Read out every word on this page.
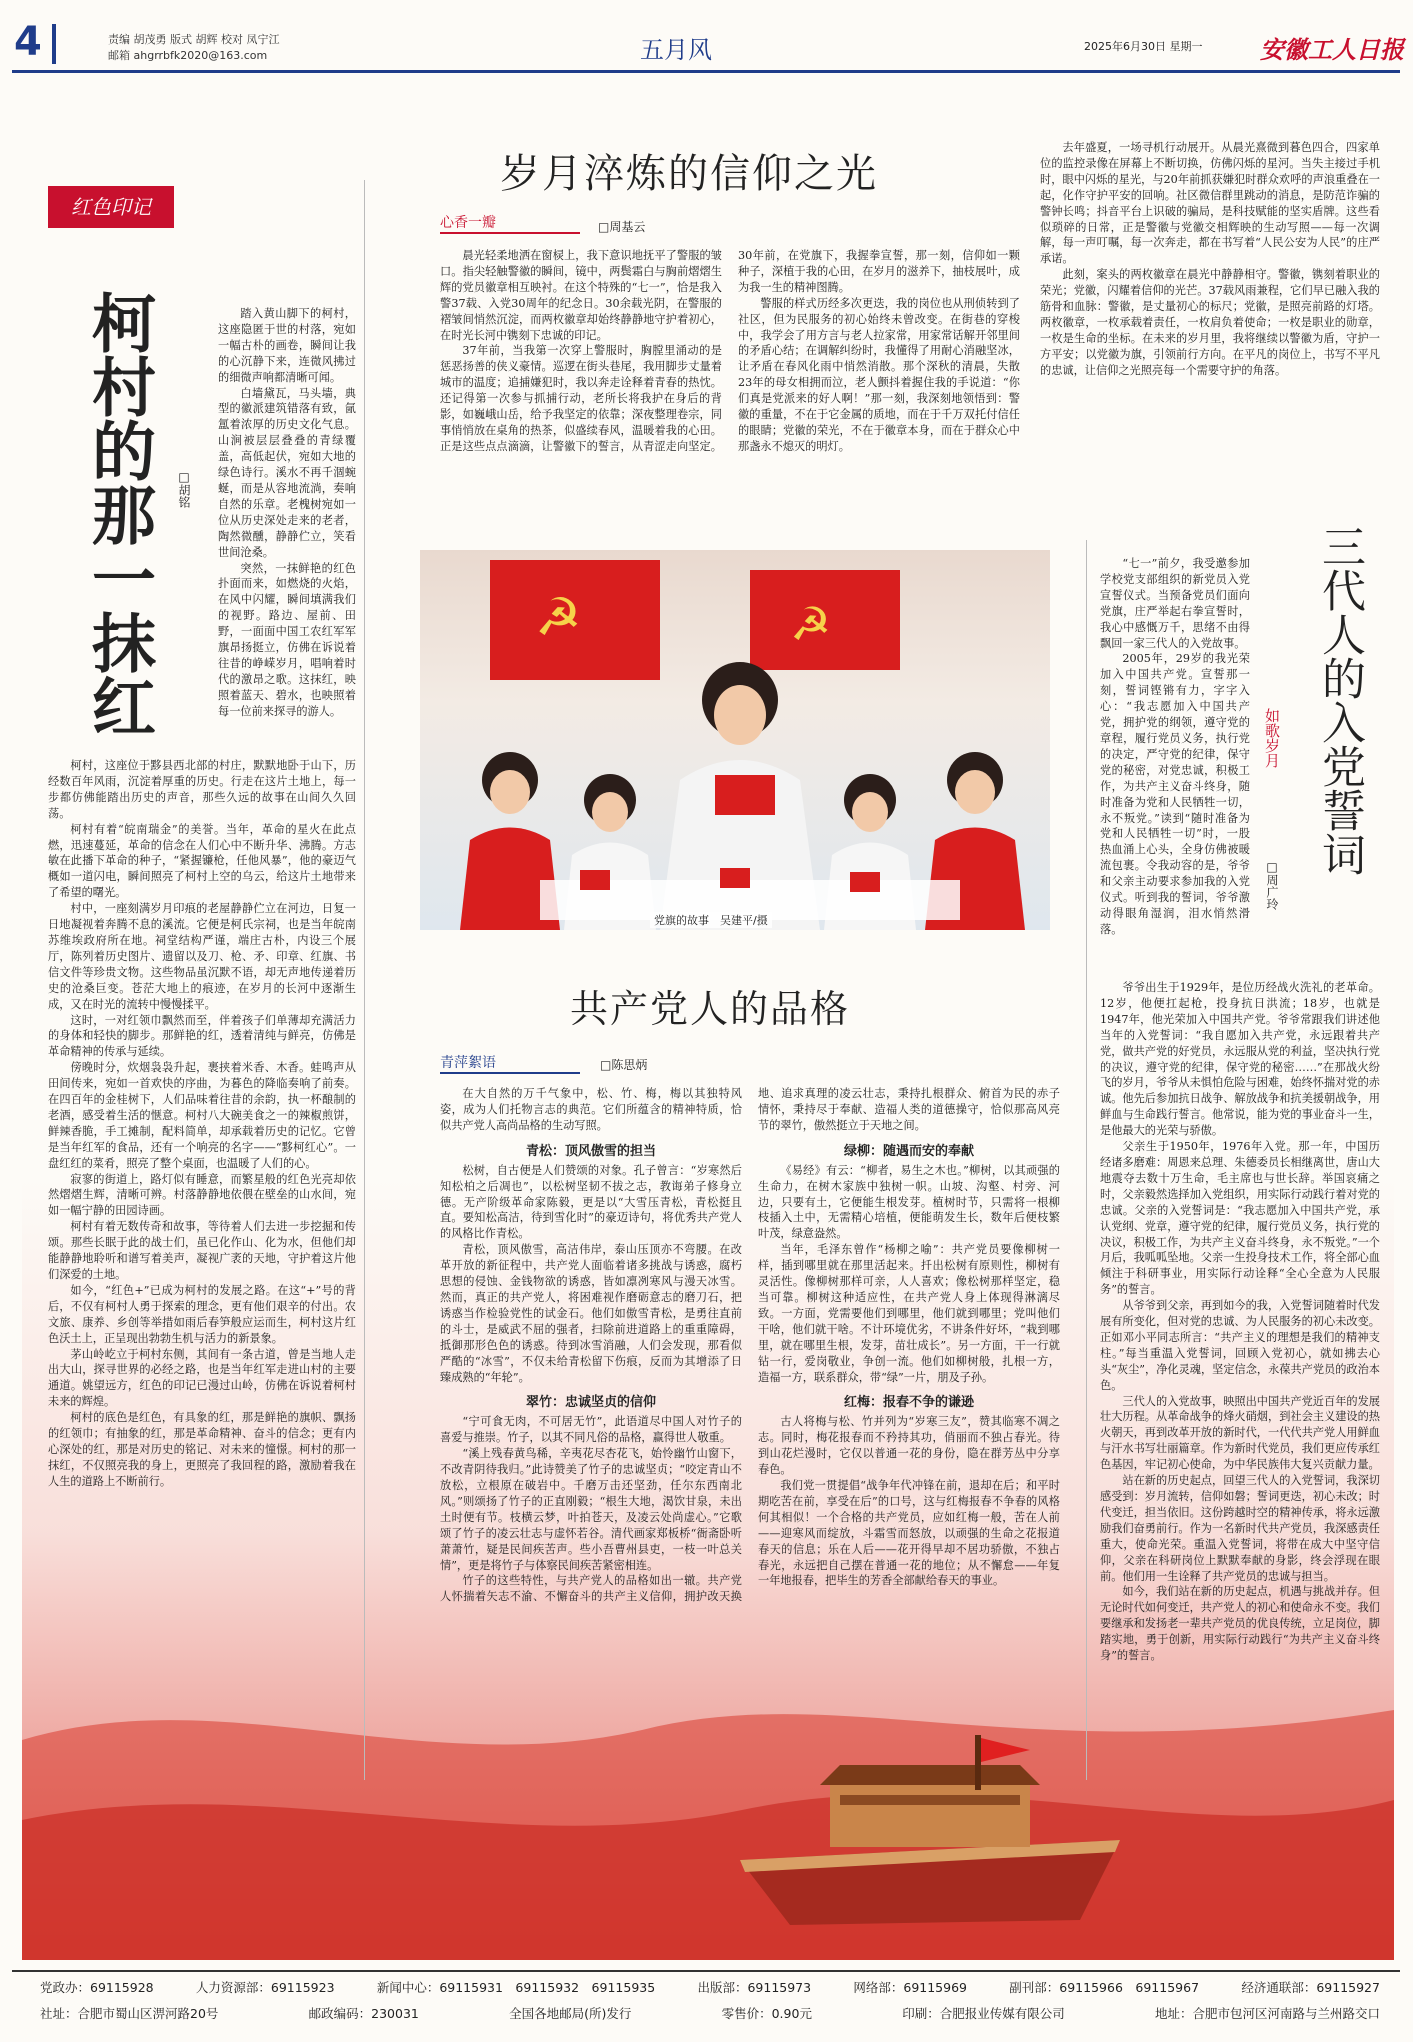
4	责编 胡茂勇 版式 胡辉 校对 凤宁江
邮箱 ahgrrbfk2020@163.com	五月风	2025年6月30日 星期一 安徽工人日报
红色印记
柯村的那一抹红 □胡铭

踏入黄山脚下的柯村，这座隐匿于世的村落，宛如一幅古朴的画卷，瞬间让我的心沉静下来，连微风拂过的细微声响都清晰可闻。

白墙黛瓦，马头墙，典型的徽派建筑错落有致，氤氲着浓厚的历史文化气息。山涧被层层叠叠的青绿覆盖，高低起伏，宛如大地的绿色诗行。溪水不再千涸蜿蜒，而是从容地流淌，奏响自然的乐章。老槐树宛如一位从历史深处走来的老者，陶然微醺，静静伫立，笑看世间沧桑。

突然，一抹鲜艳的红色扑面而来，如燃烧的火焰，在风中闪耀，瞬间填满我们的视野。路边、屋前、田野，一面面中国工农红军军旗昂扬挺立，仿佛在诉说着往昔的峥嵘岁月，唱响着时代的激昂之歌。这抹红，映照着蓝天、碧水，也映照着每一位前来探寻的游人。

柯村，这座位于黟县西北部的村庄，默默地卧于山下，历经数百年风雨，沉淀着厚重的历史。行走在这片土地上，每一步都仿佛能踏出历史的声音，那些久远的故事在山间久久回荡。

柯村有着“皖南瑞金”的美誉。当年，革命的星火在此点燃，迅速蔓延，革命的信念在人们心中不断升华、沸腾。方志敏在此播下革命的种子，“紧握镰枪，任他风暴”，他的豪迈气概如一道闪电，瞬间照亮了柯村上空的乌云，给这片土地带来了希望的曙光。

村中，一座刻满岁月印痕的老屋静静伫立在河边，日复一日地凝视着奔腾不息的溪流。它便是柯氏宗祠，也是当年皖南苏维埃政府所在地。祠堂结构严谨，端庄古朴，内设三个展厅，陈列着历史图片、遗留以及刀、枪、矛、印章、红旗、书信文件等珍贵文物。这些物品虽沉默不语，却无声地传递着历史的沧桑巨变。苍茫大地上的痕迹，在岁月的长河中逐渐生成，又在时光的流转中慢慢揉平。

这时，一对红领巾飘然而至，伴着孩子们单薄却充满活力的身体和轻快的脚步。那鲜艳的红，透着清纯与鲜亮，仿佛是革命精神的传承与延续。

傍晚时分，炊烟袅袅升起，裹挟着米香、木香。蛙鸣声从田间传来，宛如一首欢快的序曲，为暮色的降临奏响了前奏。在四百年的金桂树下，人们品味着往昔的余韵，执一杯酿制的老酒，感受着生活的惬意。柯村八大碗美食之一的辣椒煎饼，鲜辣香脆，手工摊制，配料简单，却承载着历史的记忆。它曾是当年红军的食品，还有一个响亮的名字——“黟柯红心”。一盘红红的菜肴，照亮了整个桌面，也温暖了人们的心。

寂寥的街道上，路灯似有睡意，而繁星般的红色光亮却依然熠熠生辉，清晰可辨。村落静静地依偎在壁垒的山水间，宛如一幅宁静的田园诗画。

柯村有着无数传奇和故事，等待着人们去进一步挖掘和传颂。那些长眠于此的战士们，虽已化作山、化为水，但他们却能静静地聆听和谱写着美声，凝视广袤的天地，守护着这片他们深爱的土地。

如今，“红色+”已成为柯村的发展之路。在这“+”号的背后，不仅有柯村人勇于探索的理念，更有他们艰辛的付出。农文旅、康养、乡创等举措如雨后春笋般应运而生，柯村这片红色沃土上，正呈现出勃勃生机与活力的新景象。

茅山岭屹立于柯村东侧，其间有一条古道，曾是当地人走出大山，探寻世界的必经之路，也是当年红军走进山村的主要通道。姚望远方，红色的印记已漫过山岭，仿佛在诉说着柯村未来的辉煌。

柯村的底色是红色，有具象的红，那是鲜艳的旗帜、飘扬的红领巾；有抽象的红，那是革命精神、奋斗的信念；更有内心深处的红，那是对历史的铭记、对未来的憧憬。柯村的那一抹红，不仅照亮我的身上，更照亮了我回程的路，激励着我在人生的道路上不断前行。

岁月淬炼的信仰之光
心香一瓣	□周基云

晨光轻柔地洒在窗棂上，我下意识地抚平了警服的皱口。指尖轻触警徽的瞬间，镜中，两鬓霜白与胸前熠熠生辉的党员徽章相互映衬。在这个特殊的“七一”，恰是我入警37载、入党30周年的纪念日。30余载光阴，在警服的褶皱间悄然沉淀，而两枚徽章却始终静静地守护着初心，在时光长河中镌刻下忠诚的印记。

37年前，当我第一次穿上警服时，胸膛里涌动的是惩恶扬善的侠义豪情。巡逻在街头巷尾，我用脚步丈量着城市的温度；追捕嫌犯时，我以奔走诠释着青春的热忱。还记得第一次参与抓捕行动，老所长将我护在身后的背影，如巍峨山岳，给予我坚定的依靠；深夜整理卷宗，同事悄悄放在桌角的热茶，似盛续春风，温暖着我的心田。正是这些点点滴滴，让警徽下的誓言，从青涩走向坚定。30年前，在党旗下，我握拳宣誓，那一刻，信仰如一颗种子，深植于我的心田，在岁月的滋养下，抽枝展叶，成为我一生的精神图腾。

警服的样式历经多次更迭，我的岗位也从刑侦转到了社区，但为民服务的初心始终未曾改变。在街巷的穿梭中，我学会了用方言与老人拉家常，用家常话解开邻里间的矛盾心结；在调解纠纷时，我懂得了用耐心消融坚冰，让矛盾在春风化雨中悄然消散。那个深秋的清晨，失散23年的母女相拥而泣，老人颤抖着握住我的手说道：“你们真是党派来的好人啊！”那一刻，我深刻地领悟到：警徽的重量，不在于它金属的质地，而在于千万双托付信任的眼睛；党徽的荣光，不在于徽章本身，而在于群众心中那盏永不熄灭的明灯。

去年盛夏，一场寻机行动展开。从晨光熹微到暮色四合，四家单位的监控录像在屏幕上不断切换，仿佛闪烁的星河。当失主接过手机时，眼中闪烁的星光，与20年前抓获嫌犯时群众欢呼的声浪重叠在一起，化作守护平安的回响。社区微信群里跳动的消息，是防范诈骗的警钟长鸣；抖音平台上识破的骗局，是科技赋能的坚实盾牌。这些看似琐碎的日常，正是警徽与党徽交相辉映的生动写照——每一次调解，每一声叮嘱，每一次奔走，都在书写着“人民公安为人民”的庄严承诺。

此刻，案头的两枚徽章在晨光中静静相守。警徽，镌刻着职业的荣光；党徽，闪耀着信仰的光芒。37载风雨兼程，它们早已融入我的筋骨和血脉：警徽，是丈量初心的标尺；党徽，是照亮前路的灯塔。两枚徽章，一枚承载着责任，一枚肩负着使命；一枚是职业的勋章，一枚是生命的坐标。在未来的岁月里，我将继续以警徽为盾，守护一方平安；以党徽为旗，引领前行方向。在平凡的岗位上，书写不平凡的忠诚，让信仰之光照亮每一个需要守护的角落。

☭	☭
党旗的故事　吴建平/摄
三代人的入党誓词
如歌岁月
□周广玲

“七一”前夕，我受邀参加学校党支部组织的新党员入党宣誓仪式。当预备党员们面向党旗，庄严举起右拳宣誓时，我心中感慨万千，思绪不由得飘回一家三代人的入党故事。

2005年，29岁的我光荣加入中国共产党。宣誓那一刻，誓词铿锵有力，字字入心：“我志愿加入中国共产党，拥护党的纲领，遵守党的章程，履行党员义务，执行党的决定，严守党的纪律，保守党的秘密，对党忠诚，积极工作，为共产主义奋斗终身，随时准备为党和人民牺牲一切，永不叛党。”读到“随时准备为党和人民牺牲一切”时，一股热血涌上心头，全身仿佛被暖流包裹。令我动容的是，爷爷和父亲主动要求参加我的入党仪式。听到我的誓词，爷爷激动得眼角湿润，泪水悄然滑落。

爷爷出生于1929年，是位历经战火洗礼的老革命。12岁，他便扛起枪，投身抗日洪流；18岁，也就是1947年，他光荣加入中国共产党。爷爷常跟我们讲述他当年的入党誓词：“我自愿加入共产党，永远跟着共产党，做共产党的好党员，永远服从党的利益，坚决执行党的决议，遵守党的纪律，保守党的秘密……”在那战火纷飞的岁月，爷爷从未惧怕危险与困难，始终怀揣对党的赤诚。他先后参加抗日战争、解放战争和抗美援朝战争，用鲜血与生命践行誓言。他常说，能为党的事业奋斗一生，是他最大的光荣与骄傲。

父亲生于1950年，1976年入党。那一年，中国历经诸多磨难：周恩来总理、朱德委员长相继离世，唐山大地震夺去数十万生命，毛主席也与世长辞。举国哀痛之时，父亲毅然选择加入党组织，用实际行动践行着对党的忠诚。父亲的入党誓词是：“我志愿加入中国共产党，承认党纲、党章，遵守党的纪律，履行党员义务，执行党的决议，积极工作，为共产主义奋斗终身，永不叛党。”一个月后，我呱呱坠地。父亲一生投身技术工作，将全部心血倾注于科研事业，用实际行动诠释“全心全意为人民服务”的誓言。

从爷爷到父亲，再到如今的我，入党誓词随着时代发展有所变化，但对党的忠诚、为人民服务的初心未改变。正如邓小平同志所言：“共产主义的理想是我们的精神支柱。”每当重温入党誓词，回顾入党初心，就如拂去心头“灰尘”，净化灵魂，坚定信念，永葆共产党员的政治本色。

三代人的入党故事，映照出中国共产党近百年的发展壮大历程。从革命战争的烽火硝烟，到社会主义建设的热火朝天，再到改革开放的新时代，一代代共产党人用鲜血与汗水书写壮丽篇章。作为新时代党员，我们更应传承红色基因，牢记初心使命，为中华民族伟大复兴贡献力量。

站在新的历史起点，回望三代人的入党誓词，我深切感受到：岁月流转，信仰如磐；誓词更迭，初心未改；时代变迁，担当依旧。这份跨越时空的精神传承，将永远激励我们奋勇前行。作为一名新时代共产党员，我深感责任重大，使命光荣。重温入党誓词，将带在成大中坚守信仰，父亲在科研岗位上默默奉献的身影，终会浮现在眼前。他们用一生诠释了共产党员的忠诚与担当。

如今，我们站在新的历史起点，机遇与挑战并存。但无论时代如何变迁，共产党人的初心和使命永不变。我们要继承和发扬老一辈共产党员的优良传统，立足岗位，脚踏实地，勇于创新，用实际行动践行“为共产主义奋斗终身”的誓言。

共产党人的品格
青萍絮语	□陈思炳

在大自然的万千气象中，松、竹、梅，梅以其独特风姿，成为人们托物言志的典范。它们所蕴含的精神特质，恰似共产党人高尚品格的生动写照。

青松：顶风傲雪的担当

松树，自古便是人们赞颂的对象。孔子曾言：“岁寒然后知松柏之后凋也”，以松树坚韧不拔之志，教诲弟子修身立德。无产阶级革命家陈毅，更是以“大雪压青松，青松挺且直。要知松高洁，待到雪化时”的豪迈诗句，将优秀共产党人的风格比作青松。

青松，顶风傲雪，高洁伟岸，泰山压顶亦不弯腰。在改革开放的新征程中，共产党人面临着诸多挑战与诱惑，腐朽思想的侵蚀、金钱物欲的诱惑，皆如凛冽寒风与漫天冰雪。然而，真正的共产党人，将困难视作磨砺意志的磨刀石，把诱惑当作检验党性的试金石。他们如傲雪青松，是勇往直前的斗士，是威武不屈的强者，扫除前进道路上的重重障碍，抵御那形色色的诱惑。待到冰雪消融，人们会发现，那看似严酷的“冰雪”，不仅未给青松留下伤痕，反而为其增添了日臻成熟的“年轮”。

翠竹：忠诚坚贞的信仰

“宁可食无肉，不可居无竹”，此语道尽中国人对竹子的喜爱与推崇。竹子，以其不同凡俗的品格，赢得世人敬重。

“溪上残春黄鸟稀，辛夷花尽杏花飞，始怜幽竹山窗下，不改青阴待我归。”此诗赞美了竹子的忠诚坚贞；“咬定青山不放松，立根原在破岩中。千磨万击还坚劲，任尔东西南北风。”则颂扬了竹子的正直刚毅；“根生大地，渴饮甘泉，未出土时便有节。枝横云梦，叶拍苍天，及凌云处尚虚心。”它歌颂了竹子的凌云壮志与虚怀若谷。清代画家郑板桥“衙斋卧听萧萧竹，疑是民间疾苦声。些小吾曹州县吏，一枝一叶总关情”，更是将竹子与体察民间疾苦紧密相连。

竹子的这些特性，与共产党人的品格如出一辙。共产党人怀揣着矢志不渝、不懈奋斗的共产主义信仰，拥护改天换地、追求真理的凌云壮志，秉持扎根群众、俯首为民的赤子情怀，秉持尽于奉献、造福人类的道德操守，恰似那高风亮节的翠竹，傲然挺立于天地之间。

绿柳：随遇而安的奉献

《易经》有云：“柳者，易生之木也。”柳树，以其顽强的生命力，在树木家族中独树一帜。山坡、沟壑、村旁、河边，只要有土，它便能生根发芽。植树时节，只需将一根柳枝插入土中，无需精心培植，便能萌发生长，数年后便枝繁叶茂，绿意盎然。

当年，毛泽东曾作“杨柳之喻”：共产党员要像柳树一样，插到哪里就在那里活起来。扦出松树有原则性，柳树有灵活性。像柳树那样可亲，人人喜欢；像松树那样坚定，稳当可靠。柳树这种适应性，在共产党人身上体现得淋漓尽致。一方面，党需要他们到哪里，他们就到哪里；党叫他们干啥，他们就干啥。不计环境优劣，不讲条件好坏，“栽到哪里，就在哪里生根，发芽，苗壮成长”。另一方面，干一行就钻一行，爱岗敬业，争创一流。他们如柳树般，扎根一方，造福一方，联系群众，带“绿”一片，朋及子孙。

红梅：报春不争的谦逊

古人将梅与松、竹并列为“岁寒三友”，赞其临寒不凋之志。同时，梅花报春而不矜持其功，俏丽而不独占春光。待到山花烂漫时，它仅以普通一花的身份，隐在群芳丛中分享春色。

我们党一贯提倡“战争年代冲锋在前，退却在后；和平时期吃苦在前，享受在后”的口号，这与红梅报春不争春的风格何其相似！一个合格的共产党员，应如红梅一般，苦在人前——迎寒风而绽放，斗霜雪而怒放，以顽强的生命之花报道春天的信息；乐在人后——花开得早却不居功骄傲，不独占春光，永远把自己摆在普通一花的地位；从不懈怠——年复一年地报春，把毕生的芳香全部献给春天的事业。

党政办：69115928	人力资源部：69115923	新闻中心：69115931　69115932　69115935	出版部：69115973	网络部：69115969	副刊部：69115966　69115967	经济通联部：69115927
社址：合肥市蜀山区淠河路20号	邮政编码：230031	全国各地邮局(所)发行	零售价：0.90元	印刷：合肥报业传媒有限公司	地址：合肥市包河区河南路与兰州路交口
